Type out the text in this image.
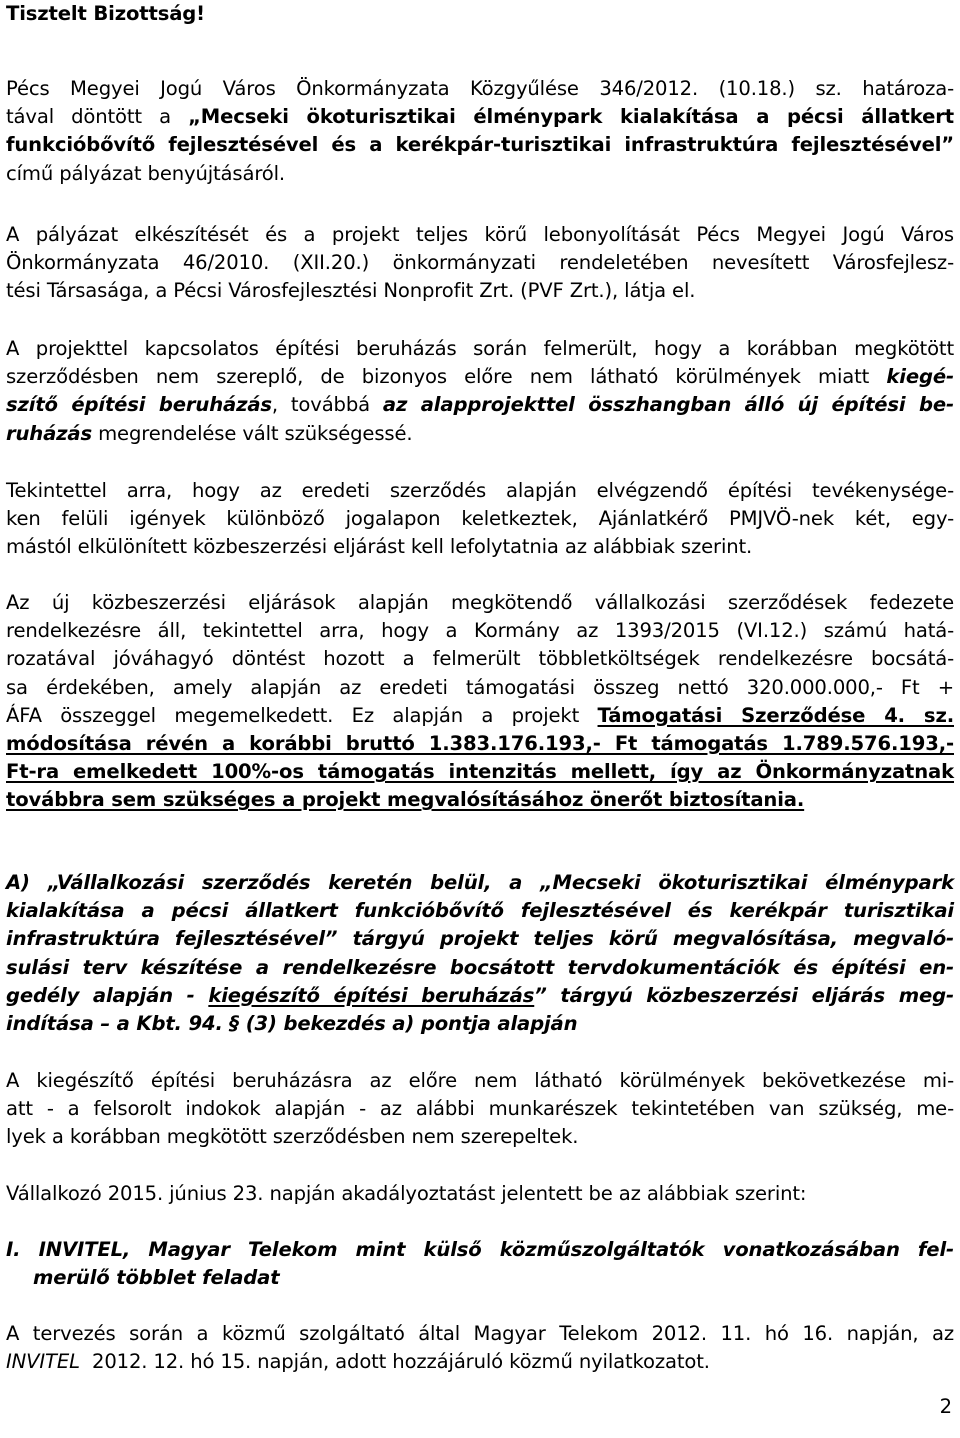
Tisztelt Bizottság!

Pécs Megyei Jogú Város Önkormányzata Közgyűlése 346/2012. (10.18.) sz. határoza-
tával döntött a „Mecseki ökoturisztikai élménypark kialakítása a pécsi állatkert
funkcióbővítő fejlesztésével és a kerékpár-turisztikai infrastruktúra fejlesztésével”
című pályázat benyújtásáról.

A pályázat elkészítését és a projekt teljes körű lebonyolítását Pécs Megyei Jogú Város
Önkormányzata 46/2010. (XII.20.) önkormányzati rendeletében nevesített Városfejlesz-
tési Társasága, a Pécsi Városfejlesztési Nonprofit Zrt. (PVF Zrt.), látja el.

A projekttel kapcsolatos építési beruházás során felmerült, hogy a korábban megkötött
szerződésben nem szereplő, de bizonyos előre nem látható körülmények miatt kiegé-
szítő építési beruházás, továbbá az alapprojekttel összhangban álló új építési be-
ruházás megrendelése vált szükségessé.

Tekintettel arra, hogy az eredeti szerződés alapján elvégzendő építési tevékenysége-
ken felüli igények különböző jogalapon keletkeztek, Ajánlatkérő PMJVÖ-nek két, egy-
mástól elkülönített közbeszerzési eljárást kell lefolytatnia az alábbiak szerint.

Az új közbeszerzési eljárások alapján megkötendő vállalkozási szerződések fedezete
rendelkezésre áll, tekintettel arra, hogy a Kormány az 1393/2015 (VI.12.) számú hatá-
rozatával jóváhagyó döntést hozott a felmerült többletköltségek rendelkezésre bocsátá-
sa érdekében, amely alapján az eredeti támogatási összeg nettó 320.000.000,- Ft +
ÁFA összeggel megemelkedett. Ez alapján a projekt Támogatási Szerződése 4. sz.
módosítása révén a korábbi bruttó 1.383.176.193,- Ft támogatás 1.789.576.193,-
Ft-ra emelkedett 100%-os támogatás intenzitás mellett, így az Önkormányzatnak
továbbra sem szükséges a projekt megvalósításához önerőt biztosítania.

A) „Vállalkozási szerződés keretén belül, a „Mecseki ökoturisztikai élménypark
kialakítása a pécsi állatkert funkcióbővítő fejlesztésével és kerékpár turisztikai
infrastruktúra fejlesztésével” tárgyú projekt teljes körű megvalósítása, megvaló-
sulási terv készítése a rendelkezésre bocsátott tervdokumentációk és építési en-
gedély alapján - kiegészítő építési beruházás” tárgyú közbeszerzési eljárás meg-
indítása – a Kbt. 94. § (3) bekezdés a) pontja alapján

A kiegészítő építési beruházásra az előre nem látható körülmények bekövetkezése mi-
att - a felsorolt indokok alapján - az alábbi munkarészek tekintetében van szükség, me-
lyek a korábban megkötött szerződésben nem szerepeltek.

Vállalkozó 2015. június 23. napján akadályoztatást jelentett be az alábbiak szerint:

I. INVITEL, Magyar Telekom mint külső közműszolgáltatók vonatkozásában fel-
merülő többlet feladat

A tervezés során a közmű szolgáltató által Magyar Telekom 2012. 11. hó 16. napján, az
INVITEL  2012. 12. hó 15. napján, adott hozzájáruló közmű nyilatkozatot.

2
